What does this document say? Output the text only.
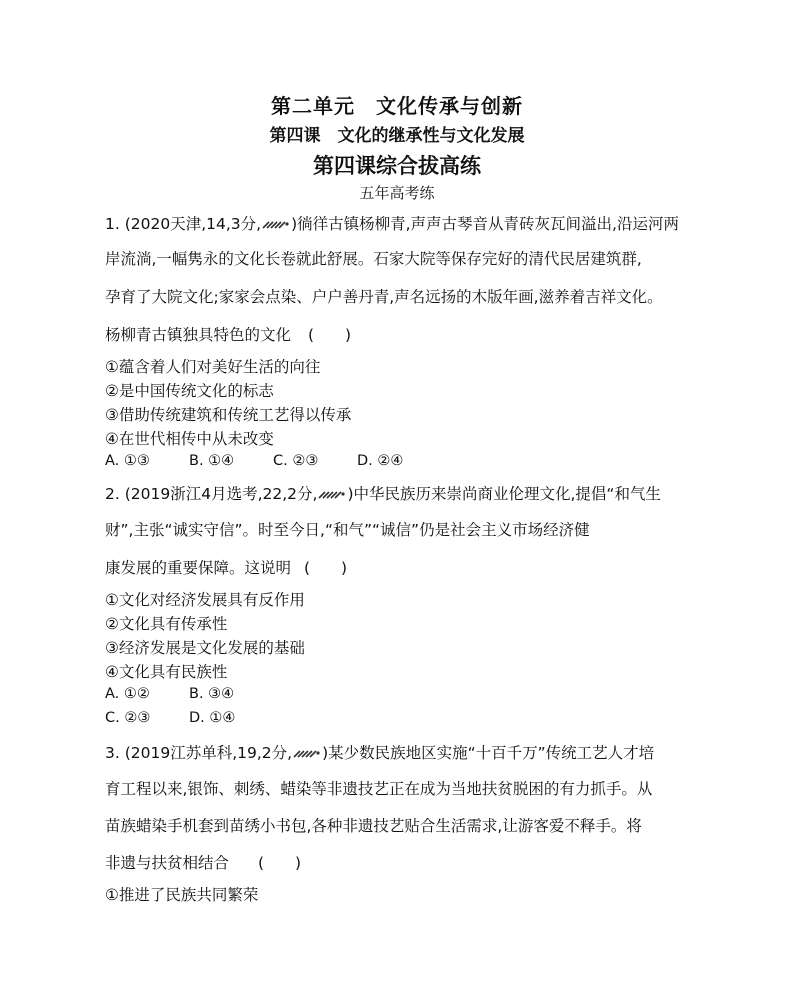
第二单元　文化传承与创新
第四课　文化的继承性与文化发展
第四课综合拔高练
五年高考练
1. (2020天津,14,3分, )徜徉古镇杨柳青,声声古琴音从青砖灰瓦间溢出,沿运河两
岸流淌,一幅隽永的文化长卷就此舒展。石家大院等保存完好的清代民居建筑群,
孕育了大院文化;家家会点染、户户善丹青,声名远扬的木版年画,滋养着吉祥文化。
杨柳青古镇独具特色的文化 (　　)
①蕴含着人们对美好生活的向往
②是中国传统文化的标志
③借助传统建筑和传统工艺得以传承
④在世代相传中从未改变
A. ①③	B. ①④	C. ②③	D. ②④
2. (2019浙江4月选考,22,2分, )中华民族历来崇尚商业伦理文化,提倡“和气生
财”,主张“诚实守信”。时至今日,“和气”“诚信”仍是社会主义市场经济健
康发展的重要保障。这说明 (　　)
①文化对经济发展具有反作用
②文化具有传承性
③经济发展是文化发展的基础
④文化具有民族性
A. ①②	B. ③④
C. ②③	D. ①④
3. (2019江苏单科,19,2分, )某少数民族地区实施“十百千万”传统工艺人才培
育工程以来,银饰、刺绣、蜡染等非遗技艺正在成为当地扶贫脱困的有力抓手。从
苗族蜡染手机套到苗绣小书包,各种非遗技艺贴合生活需求,让游客爱不释手。将
非遗与扶贫相结合 (　　)
①推进了民族共同繁荣
